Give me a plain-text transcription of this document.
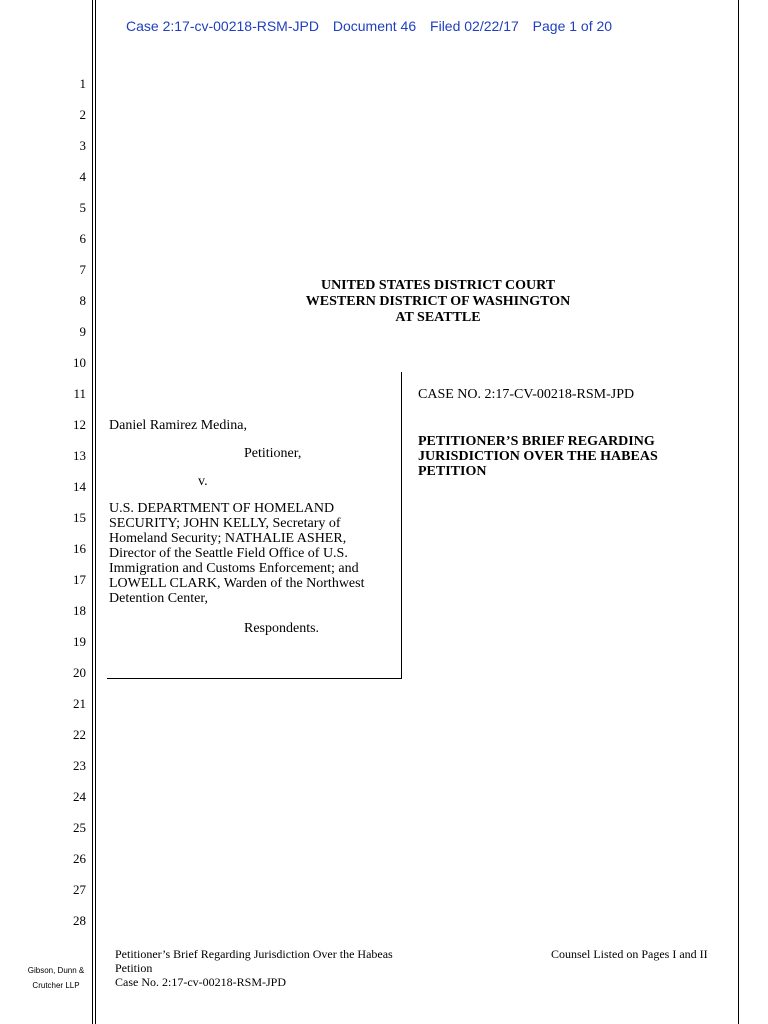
Case 2:17-cv-00218-RSM-JPD Document 46 Filed 02/22/17 Page 1 of 20
1
2
3
4
5
6
7
8
9
10
11
12
13
14
15
16
17
18
19
20
21
22
23
24
25
26
27
28
UNITED STATES DISTRICT COURT
WESTERN DISTRICT OF WASHINGTON
AT SEATTLE
Daniel Ramirez Medina,
Petitioner,
v.
U.S. DEPARTMENT OF HOMELAND
SECURITY; JOHN KELLY, Secretary of
Homeland Security; NATHALIE ASHER,
Director of the Seattle Field Office of U.S.
Immigration and Customs Enforcement; and
LOWELL CLARK, Warden of the Northwest
Detention Center,
Respondents.
CASE NO. 2:17-CV-00218-RSM-JPD
PETITIONER’S BRIEF REGARDING
JURISDICTION OVER THE HABEAS
PETITION
Petitioner’s Brief Regarding Jurisdiction Over the Habeas
Petition
Case No. 2:17-cv-00218-RSM-JPD
Counsel Listed on Pages I and II
Gibson, Dunn &
Crutcher LLP
